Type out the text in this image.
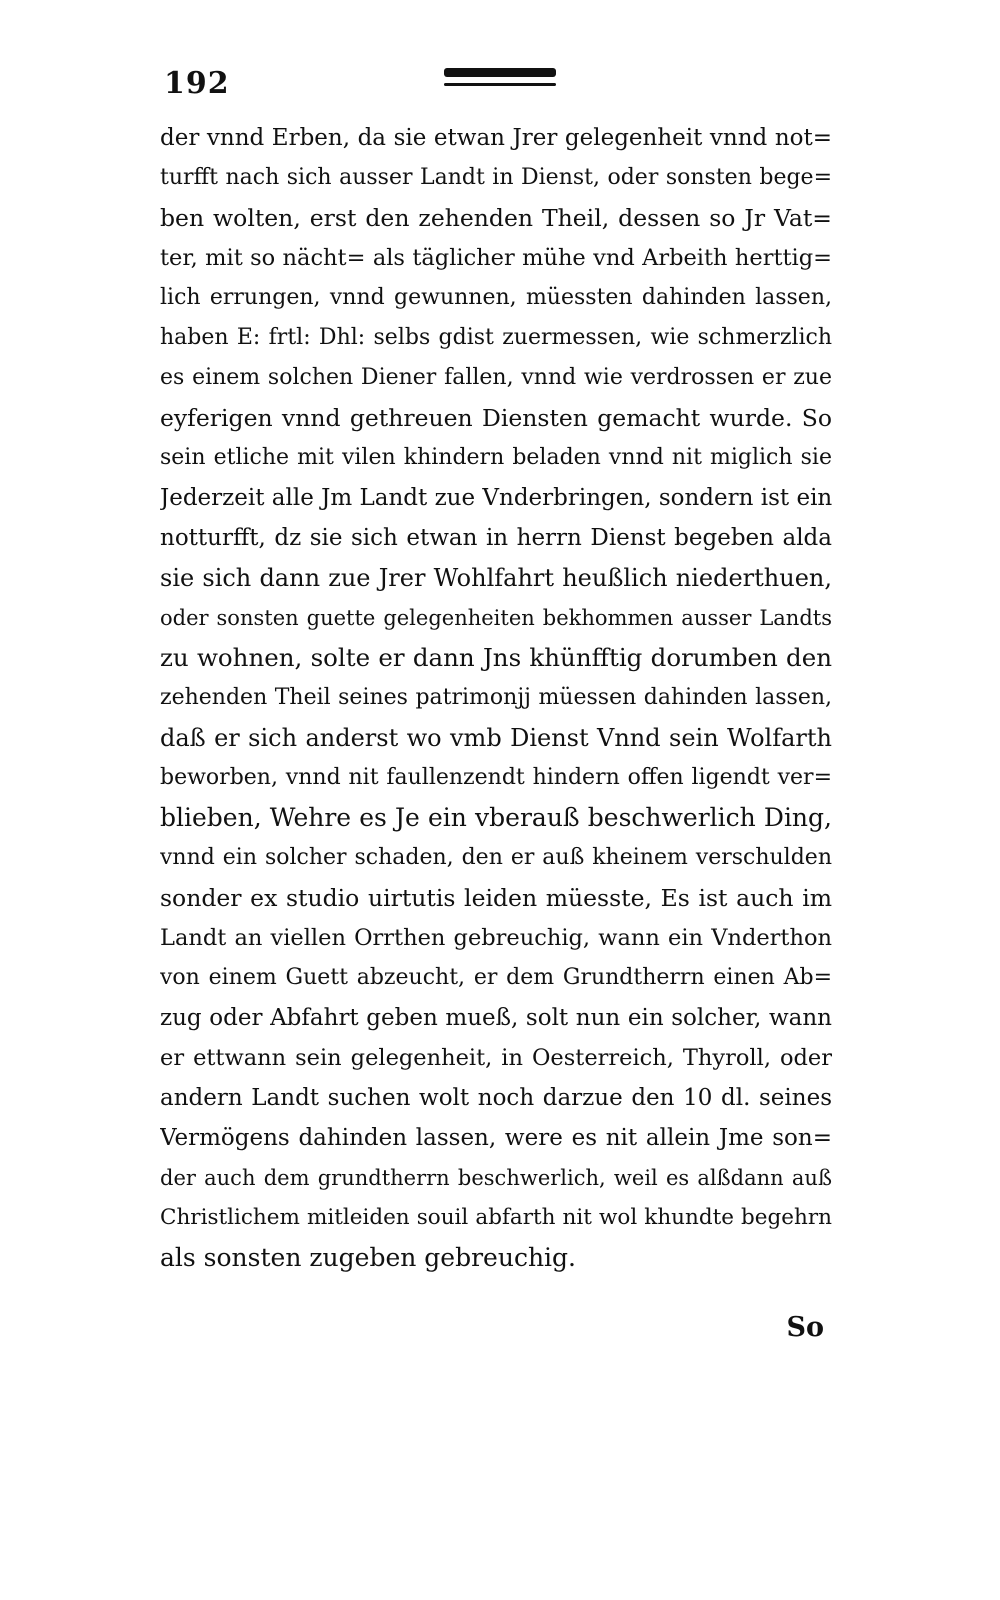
192
der vnnd Erben, da sie etwan Jrer gelegenheit vnnd not=
turfft nach sich ausser Landt in Dienst, oder sonsten bege=
ben wolten, erst den zehenden Theil, dessen so Jr Vat=
ter, mit so nächt= als täglicher mühe vnd Arbeith herttig=
lich errungen, vnnd gewunnen, müessten dahinden lassen,
haben E: frtl: Dhl: selbs gdist zuermessen, wie schmerzlich
es einem solchen Diener fallen, vnnd wie verdrossen er zue
eyferigen vnnd gethreuen Diensten gemacht wurde. So
sein etliche mit vilen khindern beladen vnnd nit miglich sie
Jederzeit alle Jm Landt zue Vnderbringen, sondern ist ein
notturfft, dz sie sich etwan in herrn Dienst begeben alda
sie sich dann zue Jrer Wohlfahrt heußlich niederthuen,
oder sonsten guette gelegenheiten bekhommen ausser Landts
zu wohnen, solte er dann Jns khünfftig dorumben den
zehenden Theil seines patrimonjj müessen dahinden lassen,
daß er sich anderst wo vmb Dienst Vnnd sein Wolfarth
beworben, vnnd nit faullenzendt hindern offen ligendt ver=
blieben, Wehre es Je ein vberauß beschwerlich Ding,
vnnd ein solcher schaden, den er auß kheinem verschulden
sonder ex studio uirtutis leiden müesste, Es ist auch im
Landt an viellen Orrthen gebreuchig, wann ein Vnderthon
von einem Guett abzeucht, er dem Grundtherrn einen Ab=
zug oder Abfahrt geben mueß, solt nun ein solcher, wann
er ettwann sein gelegenheit, in Oesterreich, Thyroll, oder
andern Landt suchen wolt noch darzue den 10 dl. seines
Vermögens dahinden lassen, were es nit allein Jme son=
der auch dem grundtherrn beschwerlich, weil es alßdann auß
Christlichem mitleiden souil abfarth nit wol khundte begehrn
als sonsten zugeben gebreuchig.
So
